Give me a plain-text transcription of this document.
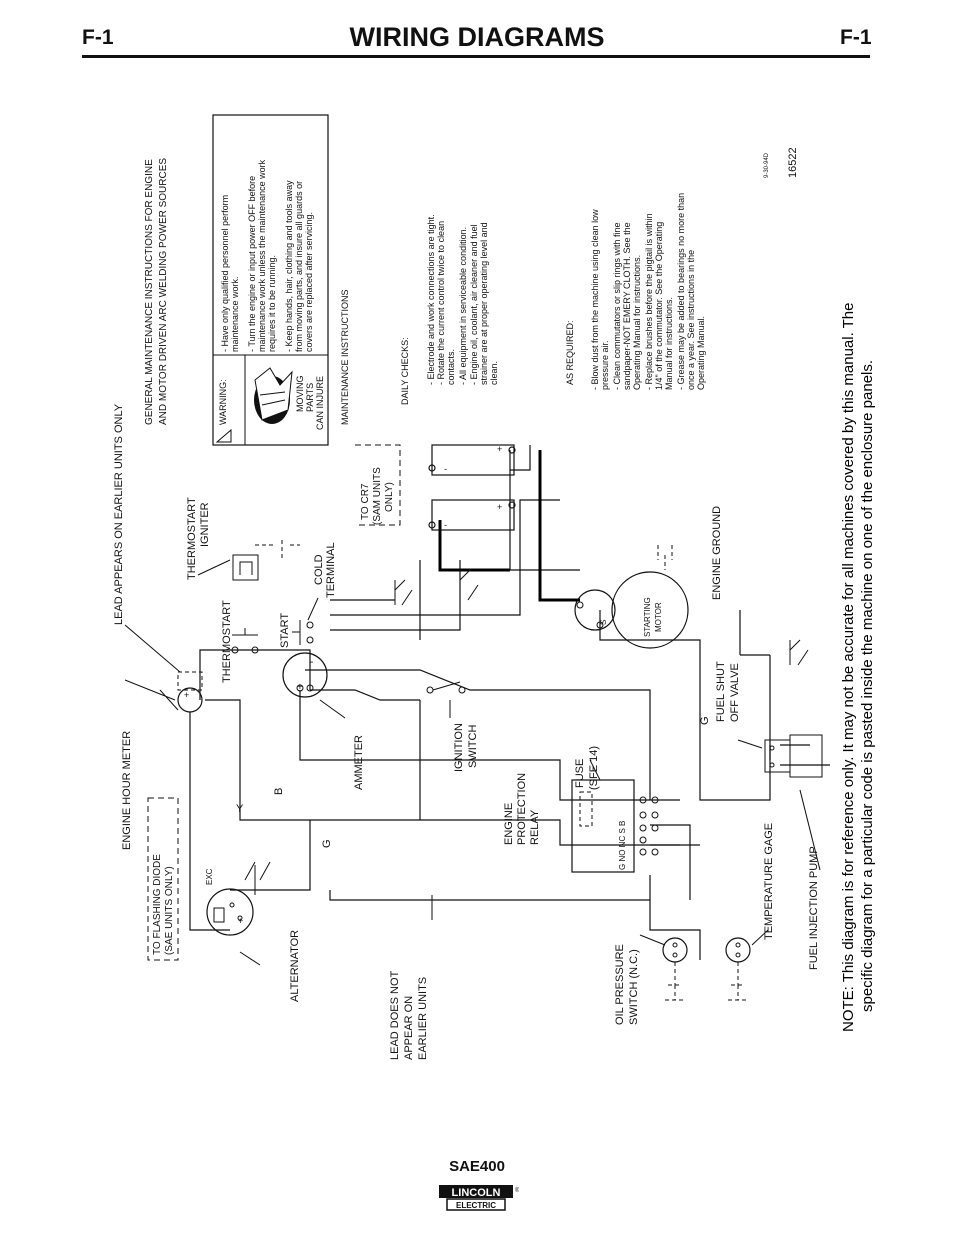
F-1	WIRING DIAGRAMS	F-1
-
+
-
+
TO CR7 (SAM UNITS ONLY)
TO FLASHING DIODE (SAE UNITS ONLY)	EXC
+
ALTERNATOR
+
ENGINE HOUR METER
LEAD APPEARS ON EARLIER UNITS ONLY
THERMOSTART
THERMOSTART IGNITER
START
COLD TERMINAL
+
-
AMMETER
Y
B
G
LEAD DOES NOT APPEAR ON EARLIER UNITS
IGNITION SWITCH
G NO NC S B
ENGINE PROTECTION RELAY
FUSE (SFE 14)
S	STARTING MOTOR
OIL PRESSURE SWITCH (N.C.)
TEMPERATURE GAGE
G FUEL SHUT OFF VALVE
FUEL INJECTION PUMP
ENGINE GROUND
GENERAL MAINTENANCE INSTRUCTIONS FOR ENGINE AND MOTOR DRIVEN ARC WELDING POWER SOURCES	WARNING:	MOVING PARTS CAN INJURE
- Have only qualified personnel perform maintenance work. - Turn the engine or input power OFF before maintenance work unless the maintenance work requires it to be running. - Keep hands, hair, clothing and tools away from moving parts, and insure all guards or covers are replaced after servicing.
MAINTENANCE INSTRUCTIONS	DAILY CHECKS: - Electrode and work connections are tight. - Rotate the current control twice to clean contacts. - All equipment in serviceable condition. - Engine oil, coolant, air cleaner and fuel strainer are at proper operating level and clean.	AS REQUIRED: - Blow dust from the machine using clean low pressure air. - Clean commutators or slip rings with fine sandpaper-NOT EMERY CLOTH. See the Operating Manual for instructions. - Replace brushes before the pigtail is within 1/4" of the commutator. See the Operating Manual for instructions. - Grease may be added to bearings no more than once a year. See instructions in the Operating Manual.
9-30-94D 16522
NOTE: This diagram is for reference only. It may not be accurate for all machines covered by this manual. The specific diagram for a particular code is pasted inside the machine on one of the enclosure panels.
SAE400
LINCOLN ®
ELECTRIC
